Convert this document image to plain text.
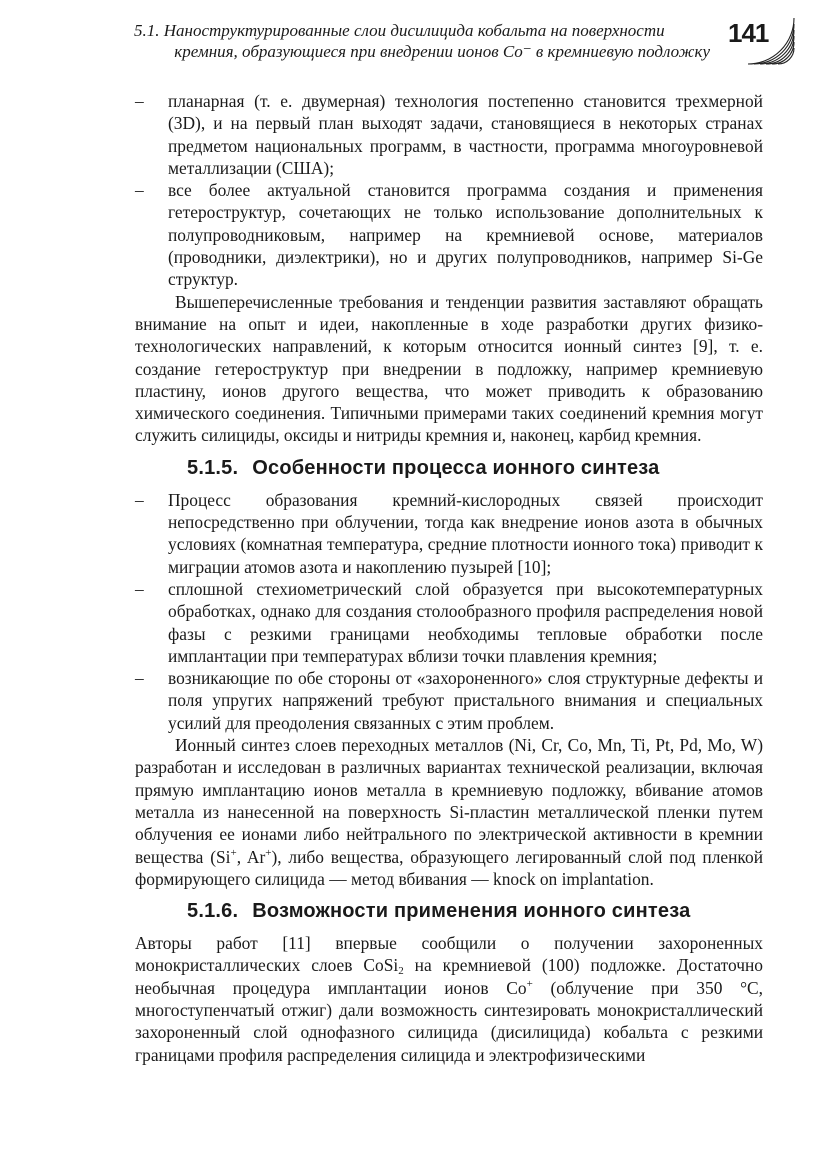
5.1. Наноструктурированные слои дисилицида кобальта на поверхности
кремния, образующиеся при внедрении ионов Co⁻ в кремниевую подложку
141
– планарная (т. е. двумерная) технология постепенно становится трехмерной (3D), и на первый план выходят задачи, становящиеся в некоторых странах предметом национальных программ, в частности, программа многоуровневой металлизации (США);
– все более актуальной становится программа создания и применения гетероструктур, сочетающих не только использование дополнительных к полупроводниковым, например на кремниевой основе, материалов (проводники, диэлектрики), но и других полупроводников, например Si-Ge структур.

Вышеперечисленные требования и тенденции развития заставляют обращать внимание на опыт и идеи, накопленные в ходе разработки других физико-технологических направлений, к которым относится ионный синтез [9], т. е. создание гетероструктур при внедрении в подложку, например кремниевую пластину, ионов другого вещества, что может приводить к образованию химического соединения. Типичными примерами таких соединений кремния могут служить силициды, оксиды и нитриды кремния и, наконец, карбид кремния.

5.1.5. Особенности процесса ионного синтеза
– Процесс образования кремний-кислородных связей происходит непосредственно при облучении, тогда как внедрение ионов азота в обычных условиях (комнатная температура, средние плотности ионного тока) приводит к миграции атомов азота и накоплению пузырей [10];
– сплошной стехиометрический слой образуется при высокотемпературных обработках, однако для создания столообразного профиля распределения новой фазы с резкими границами необходимы тепловые обработки после имплантации при температурах вблизи точки плавления кремния;
– возникающие по обе стороны от «захороненного» слоя структурные дефекты и поля упругих напряжений требуют пристального внимания и специальных усилий для преодоления связанных с этим проблем.

Ионный синтез слоев переходных металлов (Ni, Cr, Co, Mn, Ti, Pt, Pd, Mo, W) разработан и исследован в различных вариантах технической реализации, включая прямую имплантацию ионов металла в кремниевую подложку, вбивание атомов металла из нанесенной на поверхность Si-пластин металлической пленки путем облучения ее ионами либо нейтрального по электрической активности в кремнии вещества (Si+, Ar+), либо вещества, образующего легированный слой под пленкой формирующего силицида — метод вбивания — knock on implantation.

5.1.6. Возможности применения ионного синтеза

Авторы работ [11] впервые сообщили о получении захороненных монокристаллических слоев CoSi$_2$ на кремниевой (100) подложке. Достаточно необычная процедура имплантации ионов Co+ (облучение при 350 °C, многоступенчатый отжиг) дали возможность синтезировать монокристаллический захороненный слой однофазного силицида (дисилицида) кобальта с резкими границами профиля распределения силицида и электрофизическими
